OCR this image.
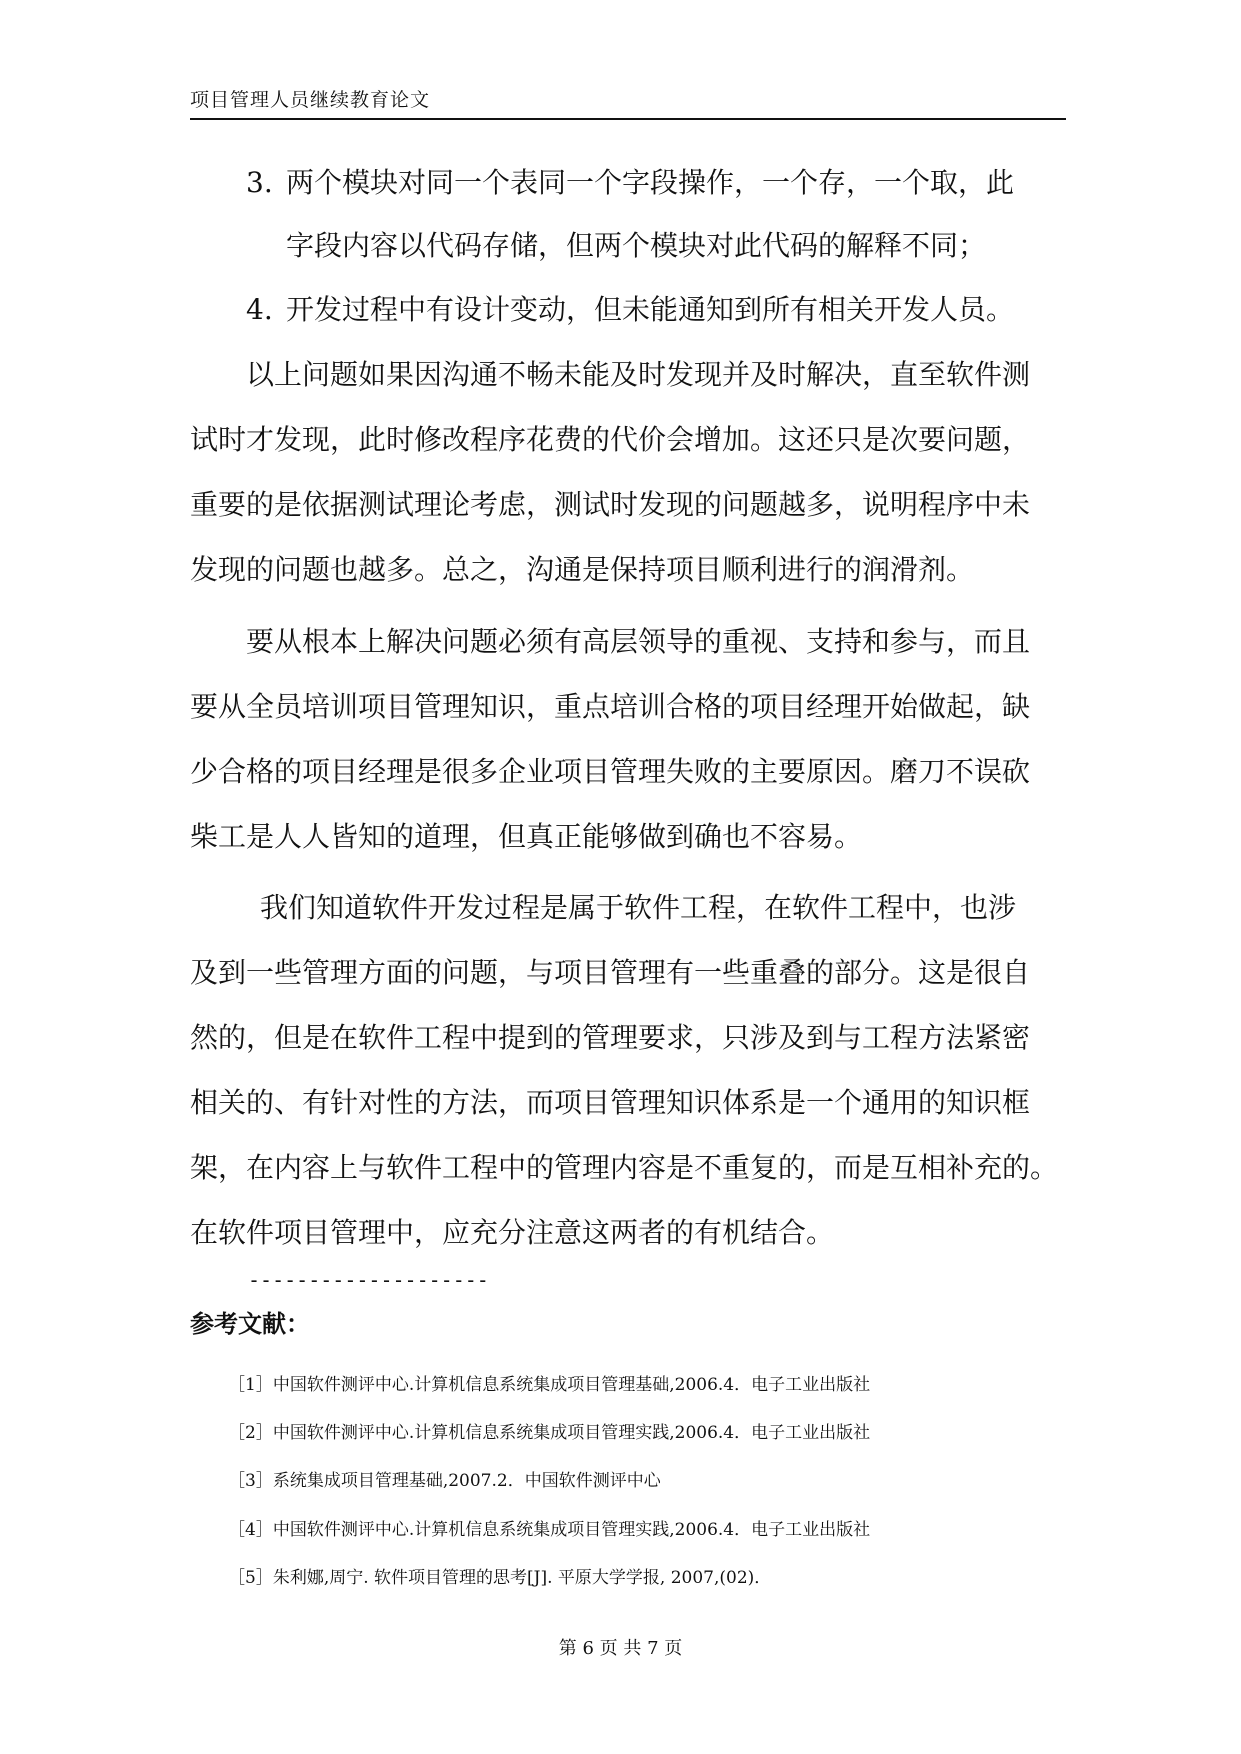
项目管理人员继续教育论文
3. 两个模块对同一个表同一个字段操作，一个存，一个取，此
字段内容以代码存储，但两个模块对此代码的解释不同；
4. 开发过程中有设计变动，但未能通知到所有相关开发人员。
以上问题如果因沟通不畅未能及时发现并及时解决，直至软件测
试时才发现，此时修改程序花费的代价会增加。这还只是次要问题，
重要的是依据测试理论考虑，测试时发现的问题越多，说明程序中未
发现的问题也越多。总之，沟通是保持项目顺利进行的润滑剂。
要从根本上解决问题必须有高层领导的重视、支持和参与，而且
要从全员培训项目管理知识，重点培训合格的项目经理开始做起，缺
少合格的项目经理是很多企业项目管理失败的主要原因。磨刀不误砍
柴工是人人皆知的道理，但真正能够做到确也不容易。
我们知道软件开发过程是属于软件工程，在软件工程中，也涉
及到一些管理方面的问题，与项目管理有一些重叠的部分。这是很自
然的，但是在软件工程中提到的管理要求，只涉及到与工程方法紧密
相关的、有针对性的方法，而项目管理知识体系是一个通用的知识框
架，在内容上与软件工程中的管理内容是不重复的，而是互相补充的。
在软件项目管理中，应充分注意这两者的有机结合。
--------------------
参考文献：
［1］中国软件测评中心.计算机信息系统集成项目管理基础,2006.4．电子工业出版社
［2］中国软件测评中心.计算机信息系统集成项目管理实践,2006.4．电子工业出版社
［3］系统集成项目管理基础,2007.2．中国软件测评中心
［4］中国软件测评中心.计算机信息系统集成项目管理实践,2006.4．电子工业出版社
［5］朱利娜,周宁. 软件项目管理的思考[J]. 平原大学学报, 2007,(02)．
第 6 页 共 7 页
